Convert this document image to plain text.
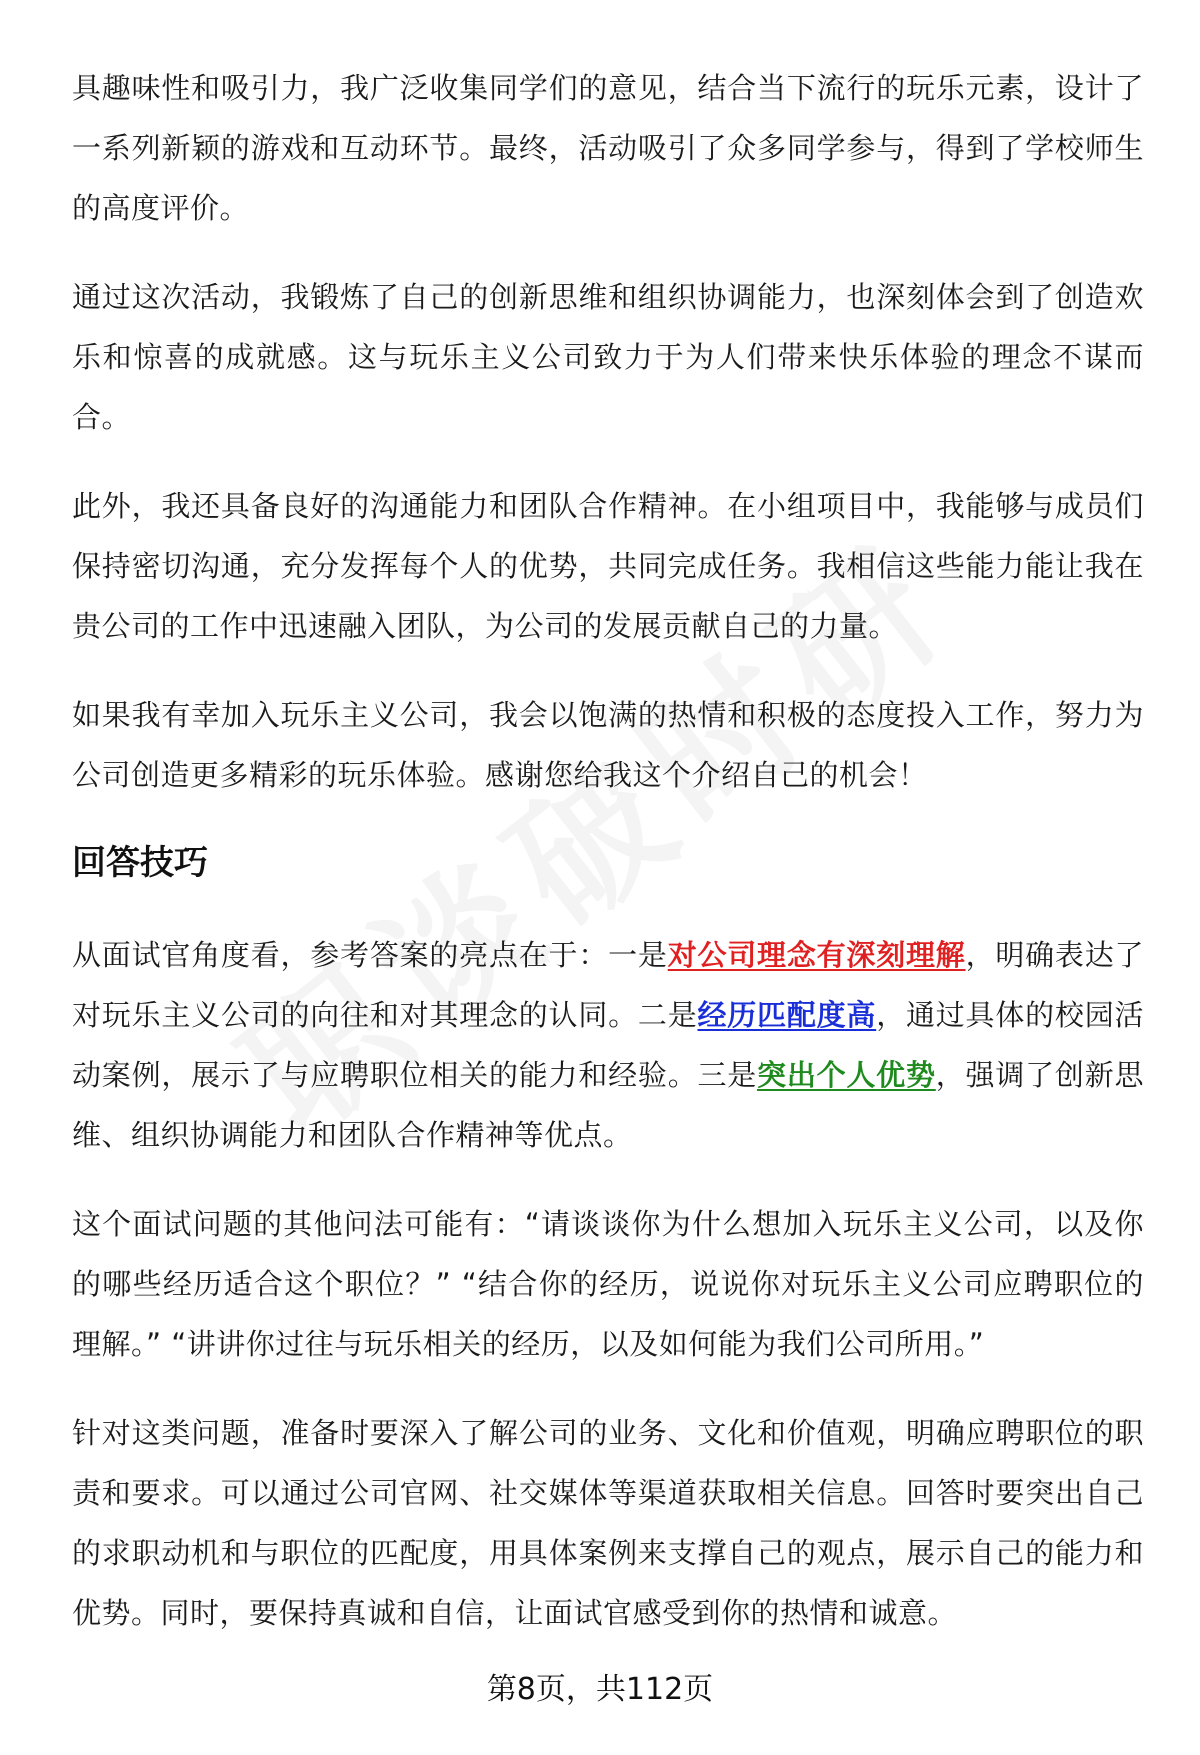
具趣味性和吸引力，我广泛收集同学们的意见，结合当下流行的玩乐元素，设计了一系列新颖的游戏和互动环节。最终，活动吸引了众多同学参与，得到了学校师生的高度评价。

通过这次活动，我锻炼了自己的创新思维和组织协调能力，也深刻体会到了创造欢乐和惊喜的成就感。这与玩乐主义公司致力于为人们带来快乐体验的理念不谋而合。

此外，我还具备良好的沟通能力和团队合作精神。在小组项目中，我能够与成员们保持密切沟通，充分发挥每个人的优势，共同完成任务。我相信这些能力能让我在贵公司的工作中迅速融入团队，为公司的发展贡献自己的力量。

如果我有幸加入玩乐主义公司，我会以饱满的热情和积极的态度投入工作，努力为公司创造更多精彩的玩乐体验。感谢您给我这个介绍自己的机会！

回答技巧

从面试官角度看，参考答案的亮点在于：一是对公司理念有深刻理解，明确表达了对玩乐主义公司的向往和对其理念的认同。二是经历匹配度高，通过具体的校园活动案例，展示了与应聘职位相关的能力和经验。三是突出个人优势，强调了创新思维、组织协调能力和团队合作精神等优点。

这个面试问题的其他问法可能有：“请谈谈你为什么想加入玩乐主义公司，以及你的哪些经历适合这个职位？” “结合你的经历，说说你对玩乐主义公司应聘职位的理解。” “讲讲你过往与玩乐相关的经历，以及如何能为我们公司所用。”

针对这类问题，准备时要深入了解公司的业务、文化和价值观，明确应聘职位的职责和要求。可以通过公司官网、社交媒体等渠道获取相关信息。回答时要突出自己的求职动机和与职位的匹配度，用具体案例来支撑自己的观点，展示自己的能力和优势。同时，要保持真诚和自信，让面试官感受到你的热情和诚意。

第8页，共112页
